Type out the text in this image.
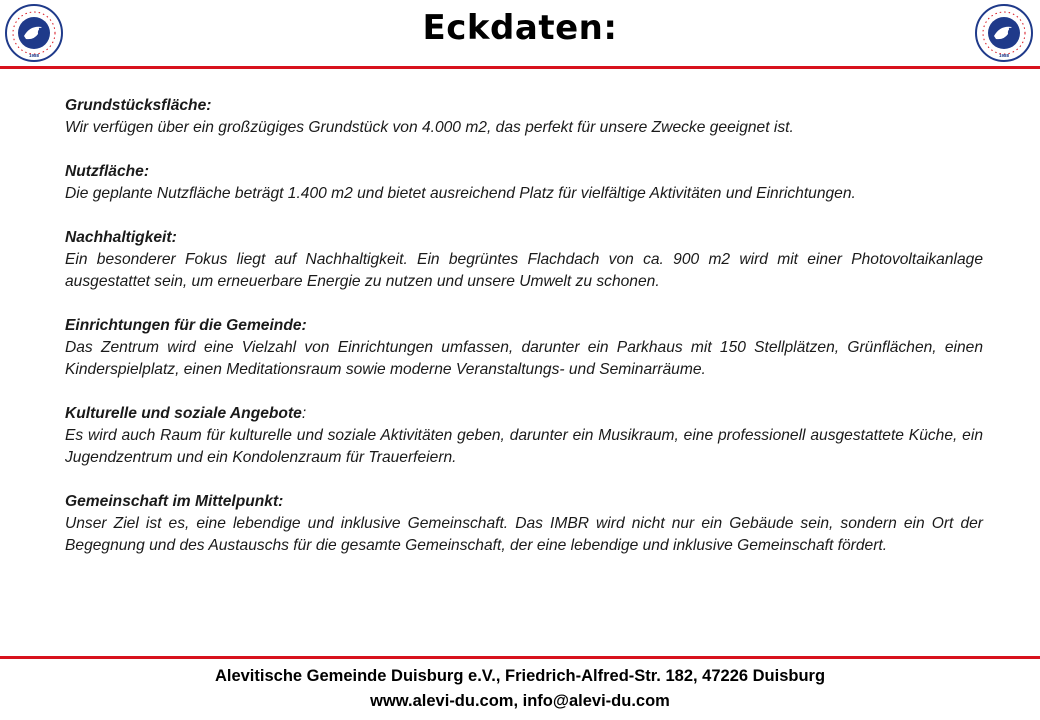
1988
Eckdaten:
1988

Grundstücksfläche:

Wir verfügen über ein großzügiges Grundstück von 4.000 m2, das perfekt für unsere Zwecke geeignet ist.

Nutzfläche:

Die geplante Nutzfläche beträgt 1.400 m2 und bietet ausreichend Platz für vielfältige Aktivitäten und Einrichtungen.

Nachhaltigkeit:

Ein besonderer Fokus liegt auf Nachhaltigkeit. Ein begrüntes Flachdach von ca. 900 m2 wird mit einer Photovoltaikanlage ausgestattet sein, um erneuerbare Energie zu nutzen und unsere Umwelt zu schonen.

Einrichtungen für die Gemeinde:

Das Zentrum wird eine Vielzahl von Einrichtungen umfassen, darunter ein Parkhaus mit 150 Stellplätzen, Grünflächen, einen Kinderspielplatz, einen Meditationsraum sowie moderne Veranstaltungs- und Seminarräume.

Kulturelle und soziale Angebote:

Es wird auch Raum für kulturelle und soziale Aktivitäten geben, darunter ein Musikraum, eine professionell ausgestattete Küche, ein Jugendzentrum und ein Kondolenzraum für Trauerfeiern.

Gemeinschaft im Mittelpunkt:

Unser Ziel ist es, eine lebendige und inklusive Gemeinschaft. Das IMBR wird nicht nur ein Gebäude sein, sondern ein Ort der Begegnung und des Austauschs für die gesamte Gemeinschaft, der eine lebendige und inklusive Gemeinschaft fördert.

Alevitische Gemeinde Duisburg e.V., Friedrich-Alfred-Str. 182, 47226 Duisburg
www.alevi-du.com, info@alevi-du.com
